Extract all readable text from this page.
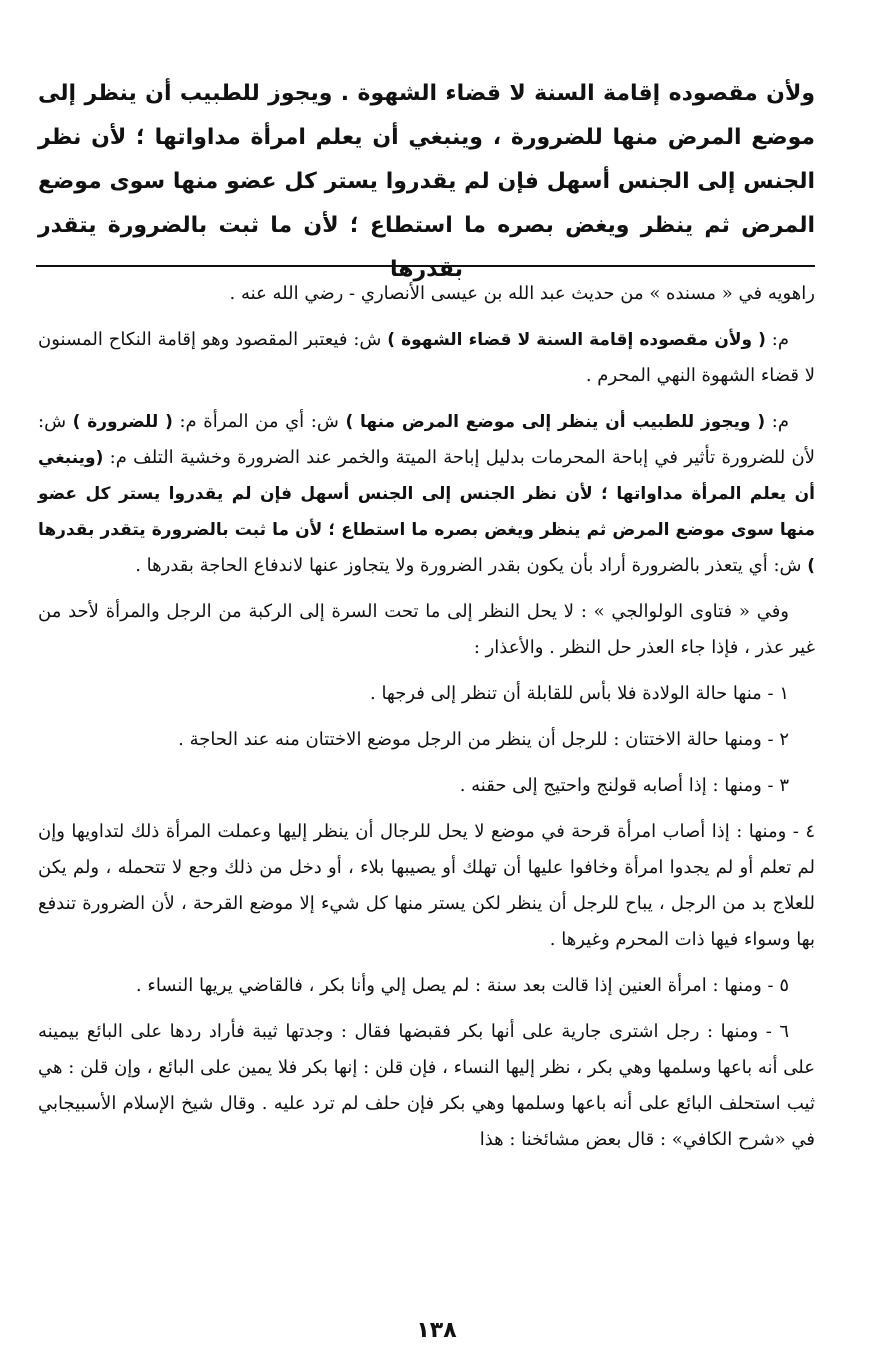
ولأن مقصوده إقامة السنة لا قضاء الشهوة . ويجوز للطبيب أن ينظر إلى موضع المرض منها للضرورة ، وينبغي أن يعلم امرأة مداواتها ؛ لأن نظر الجنس إلى الجنس أسهل فإن لم يقدروا يستر كل عضو منها سوى موضع المرض ثم ينظر ويغض بصره ما استطاع ؛ لأن ما ثبت بالضرورة يتقدر بقدرها

راهويه في « مسنده » من حديث عبد الله بن عيسى الأنصاري - رضي الله عنه .

م: ( ولأن مقصوده إقامة السنة لا قضاء الشهوة ) ش: فيعتبر المقصود وهو إقامة النكاح المسنون لا قضاء الشهوة النهي المحرم .

م: ( ويجوز للطبيب أن ينظر إلى موضع المرض منها ) ش: أي من المرأة م: ( للضرورة ) ش: لأن للضرورة تأثير في إباحة المحرمات بدليل إباحة الميتة والخمر عند الضرورة وخشية التلف م: (وينبغي أن يعلم المرأة مداواتها ؛ لأن نظر الجنس إلى الجنس أسهل فإن لم يقدروا يستر كل عضو منها سوى موضع المرض ثم ينظر ويغض بصره ما استطاع ؛ لأن ما ثبت بالضرورة يتقدر بقدرها ) ش: أي يتعذر بالضرورة أراد بأن يكون بقدر الضرورة ولا يتجاوز عنها لاندفاع الحاجة بقدرها .

وفي « فتاوى الولوالجي » : لا يحل النظر إلى ما تحت السرة إلى الركبة من الرجل والمرأة لأحد من غير عذر ، فإذا جاء العذر حل النظر . والأعذار :

١ - منها حالة الولادة فلا بأس للقابلة أن تنظر إلى فرجها .

٢ - ومنها حالة الاختتان : للرجل أن ينظر من الرجل موضع الاختتان منه عند الحاجة .

٣ - ومنها : إذا أصابه قولنج واحتيج إلى حقنه .

٤ - ومنها : إذا أصاب امرأة قرحة في موضع لا يحل للرجال أن ينظر إليها وعملت المرأة ذلك لتداويها وإن لم تعلم أو لم يجدوا امرأة وخافوا عليها أن تهلك أو يصيبها بلاء ، أو دخل من ذلك وجع لا تتحمله ، ولم يكن للعلاج بد من الرجل ، يباح للرجل أن ينظر لكن يستر منها كل شيء إلا موضع القرحة ، لأن الضرورة تندفع بها وسواء فيها ذات المحرم وغيرها .

٥ - ومنها : امرأة العنين إذا قالت بعد سنة : لم يصل إلي وأنا بكر ، فالقاضي يريها النساء .

٦ - ومنها : رجل اشترى جارية على أنها بكر فقبضها فقال : وجدتها ثيبة فأراد ردها على البائع بيمينه على أنه باعها وسلمها وهي بكر ، نظر إليها النساء ، فإن قلن : إنها بكر فلا يمين على البائع ، وإن قلن : هي ثيب استحلف البائع على أنه باعها وسلمها وهي بكر فإن حلف لم ترد عليه . وقال شيخ الإسلام الأسبيجابي في «شرح الكافي» : قال بعض مشائخنا : هذا

١٣٨
